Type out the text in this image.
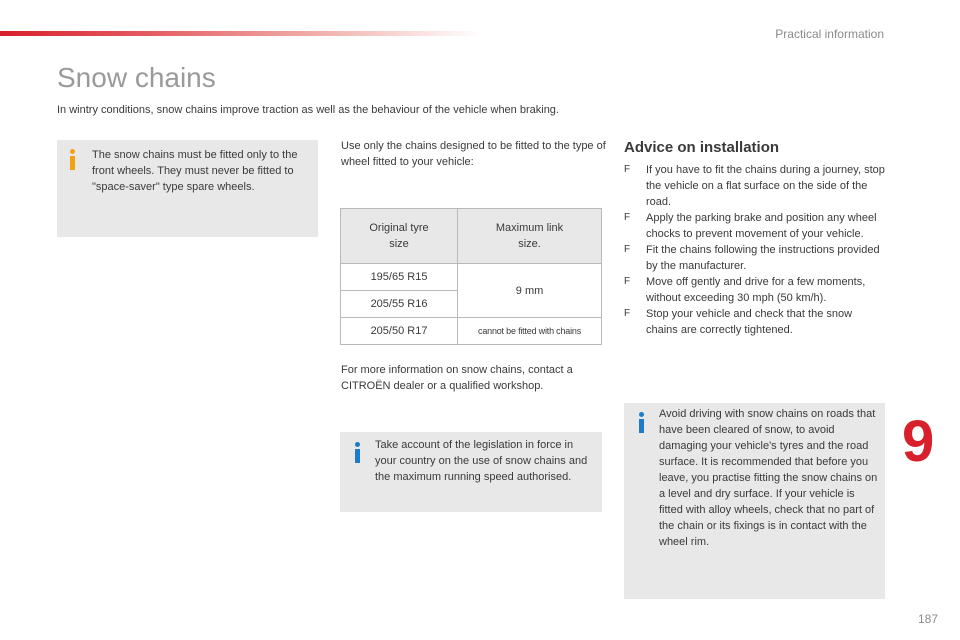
Practical information
Snow chains

In wintry conditions, snow chains improve traction as well as the behaviour of the vehicle when braking.

The snow chains must be fitted only to the front wheels. They must never be fitted to "space-saver" type spare wheels.

Use only the chains designed to be fitted to the type of wheel fitted to your vehicle:

Original tyre size	Maximum link size.
195/65 R15	9 mm
205/55 R16	
205/50 R17	cannot be fitted with chains

For more information on snow chains, contact a CITROËN dealer or a qualified workshop.

Take account of the legislation in force in your country on the use of snow chains and the maximum running speed authorised.

Advice on installation
F If you have to fit the chains during a journey, stop the vehicle on a flat surface on the side of the road.
F Apply the parking brake and position any wheel chocks to prevent movement of your vehicle.
F Fit the chains following the instructions provided by the manufacturer.
F Move off gently and drive for a few moments, without exceeding 30 mph (50 km/h).
F Stop your vehicle and check that the snow chains are correctly tightened.

Avoid driving with snow chains on roads that have been cleared of snow, to avoid damaging your vehicle's tyres and the road surface. It is recommended that before you leave, you practise fitting the snow chains on a level and dry surface. If your vehicle is fitted with alloy wheels, check that no part of the chain or its fixings is in contact with the wheel rim.

9
187
